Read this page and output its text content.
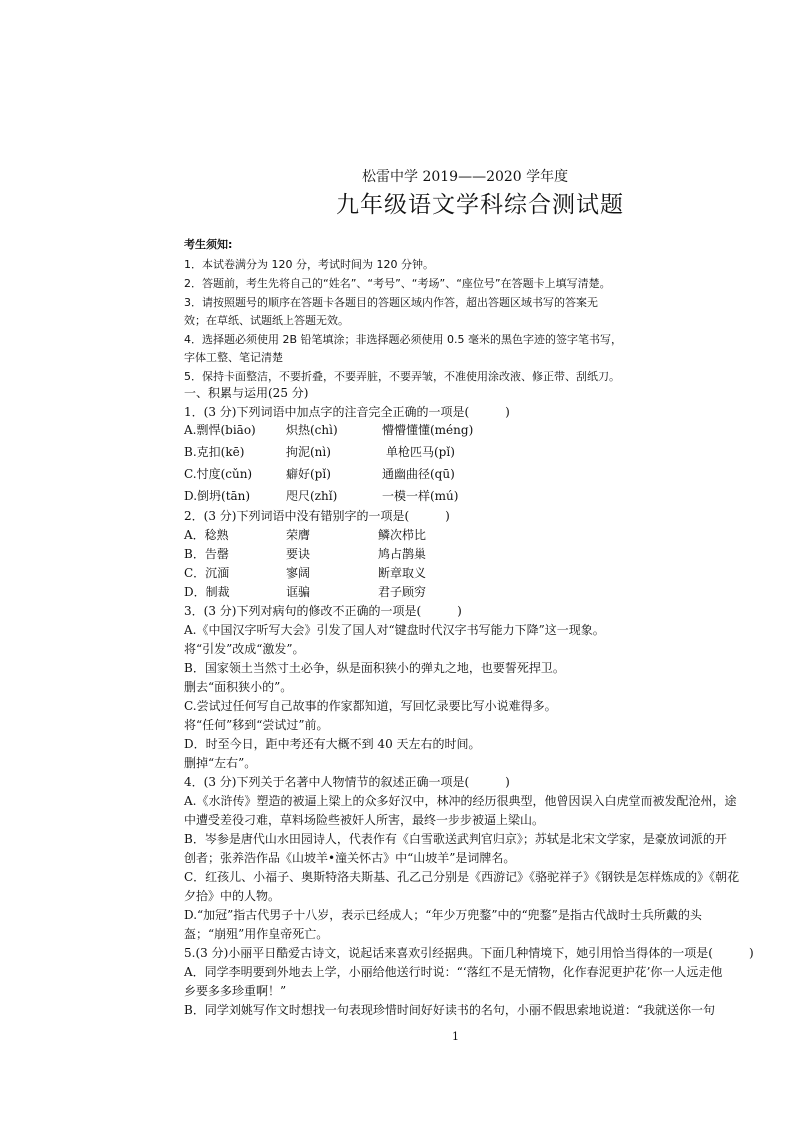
松雷中学 2019——2020 学年度
九年级语文学科综合测试题
考生须知:
1．本试卷满分为 120 分，考试时间为 120 分钟。
2．答题前，考生先将自己的“姓名”、“考号”、“考场”、“座位号”在答题卡上填写清楚。
3．请按照题号的顺序在答题卡各题目的答题区域内作答，超出答题区域书写的答案无
效；在草纸、试题纸上答题无效。
4．选择题必须使用 2B 铅笔填涂；非选择题必须使用 0.5 毫米的黑色字迹的签字笔书写，
字体工整、笔记清楚
5．保持卡面整洁，不要折叠，不要弄脏，不要弄皱，不准使用涂改液、修正带、刮纸刀。
一、积累与运用(25 分)
1．(3 分)下列词语中加点字的注音完全正确的一项是(　　　)
A.剽悍(biāo)	炽热(chì)	懵懵懂懂(méng)
B.克扣(kē)	拘泥(nì)	单枪匹马(pǐ)
C.忖度(cǔn)	癖好(pǐ)	通幽曲径(qū)
D.倒坍(tān)	咫尺(zhǐ)	一模一样(mú)
2．(3 分)下列词语中没有错别字的一项是(　　　)
A．稔熟	荣膺	鳞次栉比
B．告罄	要诀	鸠占鹊巢
C．沉湎	寥阔	断章取义
D．制裁	诓骗	君子顾穷
3．(3 分)下列对病句的修改不正确的一项是(　　　)
A.《中国汉字听写大会》引发了国人对“键盘时代汉字书写能力下降”这一现象。
将“引发”改成“激发”。
B．国家领土当然寸土必争，纵是面积狭小的弹丸之地，也要誓死捍卫。
删去“面积狭小的”。
C.尝试过任何写自己故事的作家都知道，写回忆录要比写小说难得多。
将“任何”移到“尝试过”前。
D．时至今日，距中考还有大概不到 40 天左右的时间。
删掉“左右”。
4．(3 分)下列关于名著中人物情节的叙述正确一项是(　　　)
A.《水浒传》塑造的被逼上梁上的众多好汉中，林冲的经历很典型，他曾因误入白虎堂而被发配沧州，途
中遭受差役刁难，草料场险些被奸人所害，最终一步步被逼上梁山。
B．岑参是唐代山水田园诗人，代表作有《白雪歌送武判官归京》；苏轼是北宋文学家，是豪放词派的开
创者；张养浩作品《山坡羊•潼关怀古》中“山坡羊”是词牌名。
C．红孩儿、小福子、奥斯特洛夫斯基、孔乙己分别是《西游记》《骆驼祥子》《钢铁是怎样炼成的》《朝花
夕拾》中的人物。
D.“加冠”指古代男子十八岁，表示已经成人；“年少万兜鍪”中的“兜鍪”是指古代战时士兵所戴的头
盔；“崩殂”用作皇帝死亡。
5.(3 分)小丽平日酷爱古诗文，说起话来喜欢引经据典。下面几种情境下，她引用恰当得体的一项是(　　　)
A．同学李明要到外地去上学，小丽给他送行时说：“‘落红不是无情物，化作春泥更护花’你一人远走他
乡要多多珍重啊！”
B．同学刘姚写作文时想找一句表现珍惜时间好好读书的名句，小丽不假思索地说道：“我就送你一句
1
